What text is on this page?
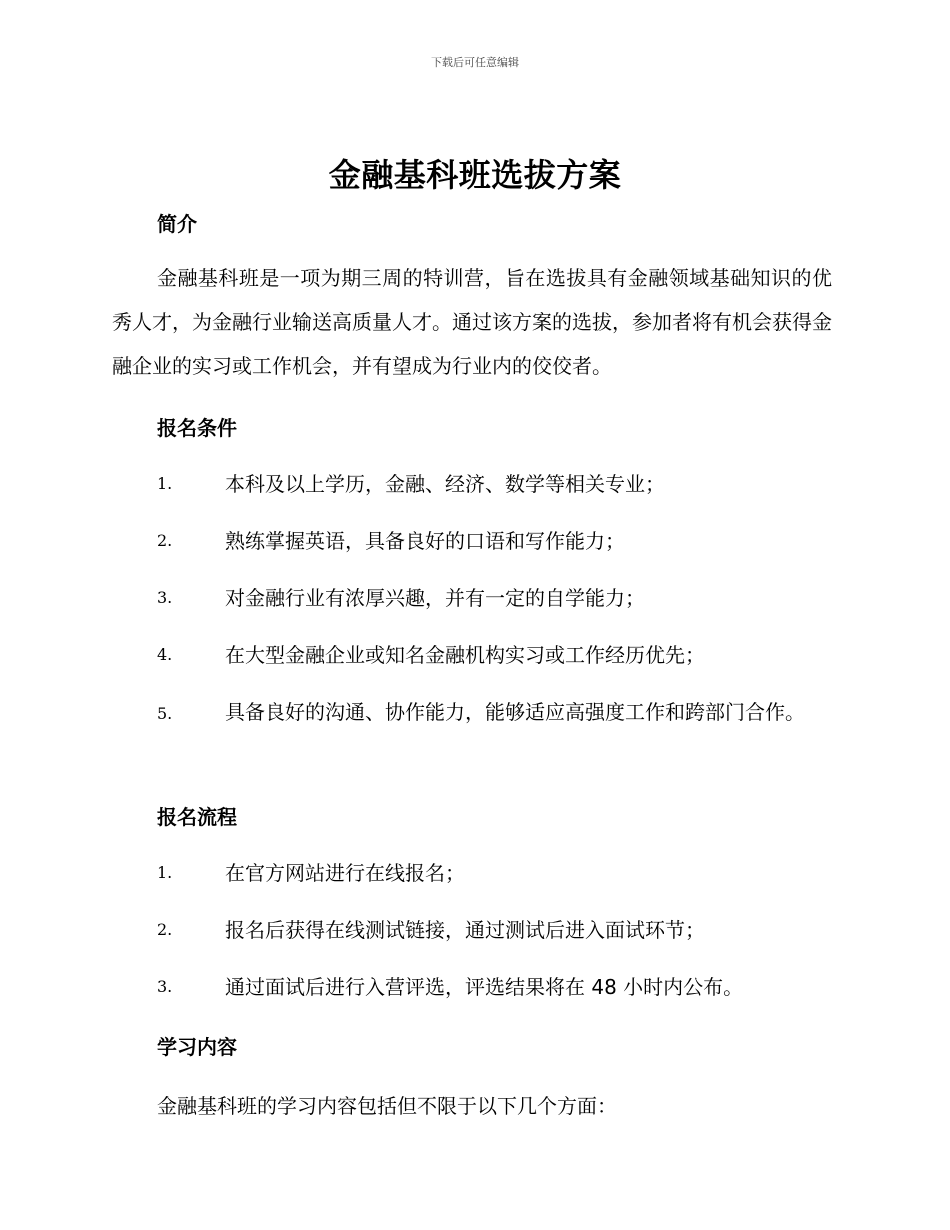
下载后可任意编辑
金融基科班选拔方案
简介
金融基科班是一项为期三周的特训营，旨在选拔具有金融领域基础知识的优秀人才，为金融行业输送高质量人才。通过该方案的选拔，参加者将有机会获得金融企业的实习或工作机会，并有望成为行业内的佼佼者。
报名条件
1.	本科及以上学历，金融、经济、数学等相关专业；
2.	熟练掌握英语，具备良好的口语和写作能力；
3.	对金融行业有浓厚兴趣，并有一定的自学能力；
4.	在大型金融企业或知名金融机构实习或工作经历优先；
5.	具备良好的沟通、协作能力，能够适应高强度工作和跨部门合作。
报名流程
1.	在官方网站进行在线报名；
2.	报名后获得在线测试链接，通过测试后进入面试环节；
3.	通过面试后进行入营评选，评选结果将在 48 小时内公布。
学习内容
金融基科班的学习内容包括但不限于以下几个方面：
